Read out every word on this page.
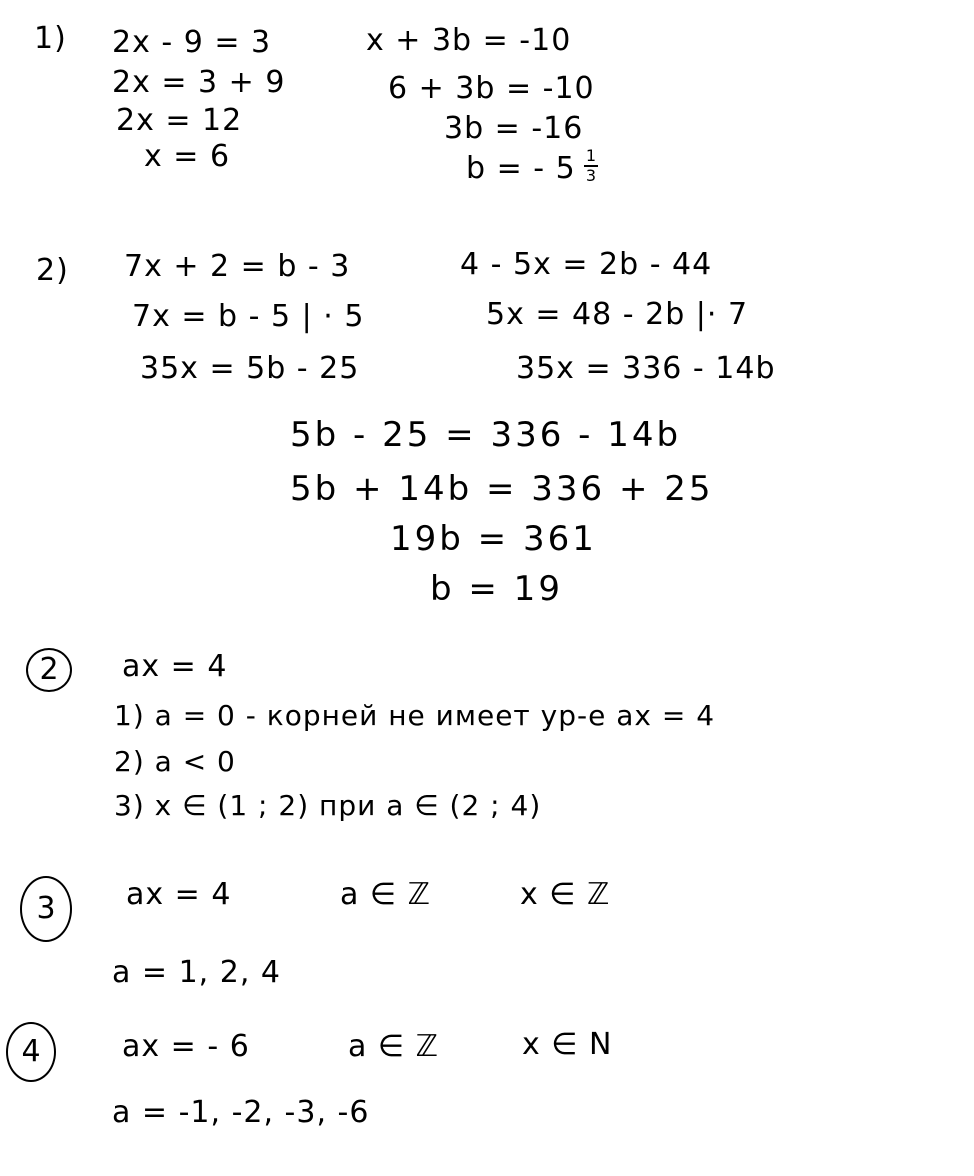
1) 2x - 9 = 3
2x = 3 + 9
2x = 12
x = 6
x + 3b = -10
6 + 3b = -10
3b = -16
b = - 5 1
3
2) 7x + 2 = b - 3
7x = b - 5 | · 5
35x = 5b - 25
4 - 5x = 2b - 44
5x = 48 - 2b |· 7
35x = 336 - 14b
5b - 25 = 336 - 14b
5b + 14b = 336 + 25
19b = 361
b = 19
2 ax = 4
1) a = 0 - корней не имеет ур-е ax = 4
2) a < 0
3) x ∈ (1 ; 2) при a ∈ (2 ; 4)
3 ax = 4	a ∈ ℤ	x ∈ ℤ
a = 1, 2, 4
4	ax = - 6	a ∈ ℤ	x ∈ N
a = -1, -2, -3, -6
